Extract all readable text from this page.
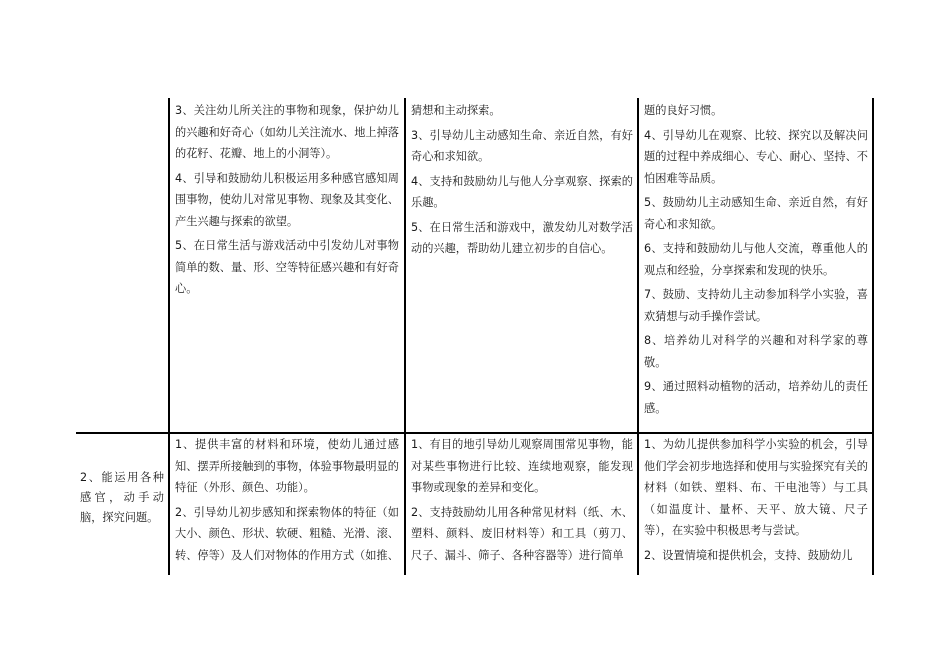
3、关注幼儿所关注的事物和现象，保护幼儿的兴趣和好奇心（如幼儿关注流水、地上掉落的花籽、花瓣、地上的小洞等）。

4、引导和鼓励幼儿积极运用多种感官感知周围事物，使幼儿对常见事物、现象及其变化、产生兴趣与探索的欲望。

5、在日常生活与游戏活动中引发幼儿对事物简单的数、量、形、空等特征感兴趣和有好奇心。

猜想和主动探索。

3、引导幼儿主动感知生命、亲近自然，有好奇心和求知欲。

4、支持和鼓励幼儿与他人分享观察、探索的乐趣。

5、在日常生活和游戏中，激发幼儿对数学活动的兴趣，帮助幼儿建立初步的自信心。

题的良好习惯。

4、引导幼儿在观察、比较、探究以及解决问题的过程中养成细心、专心、耐心、坚持、不怕困难等品质。

5、鼓励幼儿主动感知生命、亲近自然，有好奇心和求知欲。

6、支持和鼓励幼儿与他人交流，尊重他人的观点和经验，分享探索和发现的快乐。

7、鼓励、支持幼儿主动参加科学小实验，喜欢猜想与动手操作尝试。

8、培养幼儿对科学的兴趣和对科学家的尊敬。

9、通过照料动植物的活动，培养幼儿的责任感。

2、能运用各种感官，动手动脑，探究问题。

1、提供丰富的材料和环境，使幼儿通过感知、摆弄所接触到的事物，体验事物最明显的特征（外形、颜色、功能）。

2、引导幼儿初步感知和探索物体的特征（如大小、颜色、形状、软硬、粗糙、光滑、滚、转、停等）及人们对物体的作用方式（如推、

1、有目的地引导幼儿观察周围常见事物，能对某些事物进行比较、连续地观察，能发现事物或现象的差异和变化。

2、支持鼓励幼儿用各种常见材料（纸、木、塑料、颜料、废旧材料等）和工具（剪刀、尺子、漏斗、筛子、各种容器等）进行简单

1、为幼儿提供参加科学小实验的机会，引导他们学会初步地选择和使用与实验探究有关的材料（如铁、塑料、布、干电池等）与工具（如温度计、量杯、天平、放大镜、尺子等），在实验中积极思考与尝试。

2、设置情境和提供机会，支持、鼓励幼儿
